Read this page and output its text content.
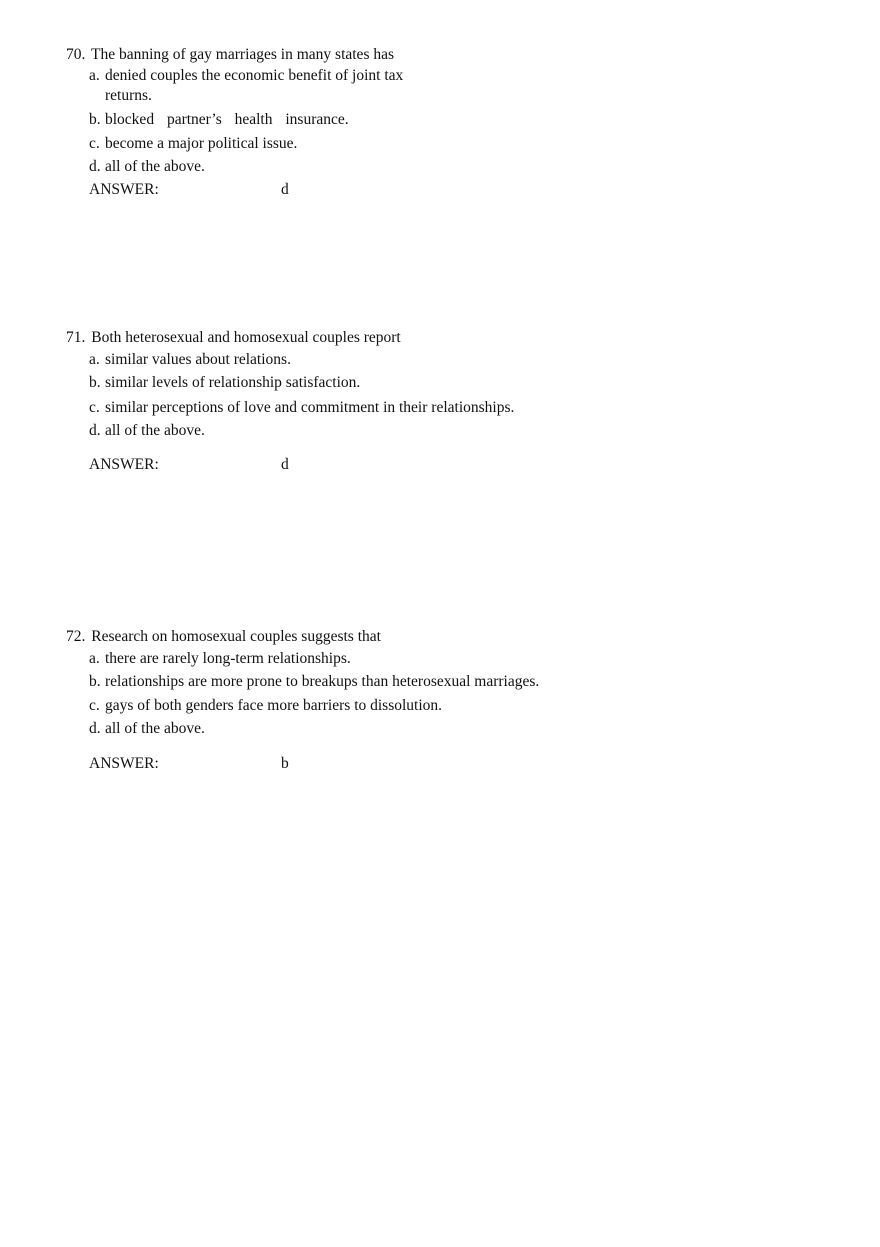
70. The banning of gay marriages in many states has

a. denied couples the economic benefit of joint tax returns.
b. blocked partner’s health insurance.
c. become a major political issue.
d. all of the above.
ANSWER:	d

71. Both heterosexual and homosexual couples report

a. similar values about relations.
b. similar levels of relationship satisfaction.
c. similar perceptions of love and commitment in their relationships.
d. all of the above.
ANSWER:	d

72. Research on homosexual couples suggests that

a. there are rarely long-term relationships.
b. relationships are more prone to breakups than heterosexual marriages.
c. gays of both genders face more barriers to dissolution.
d. all of the above.
ANSWER:	b
